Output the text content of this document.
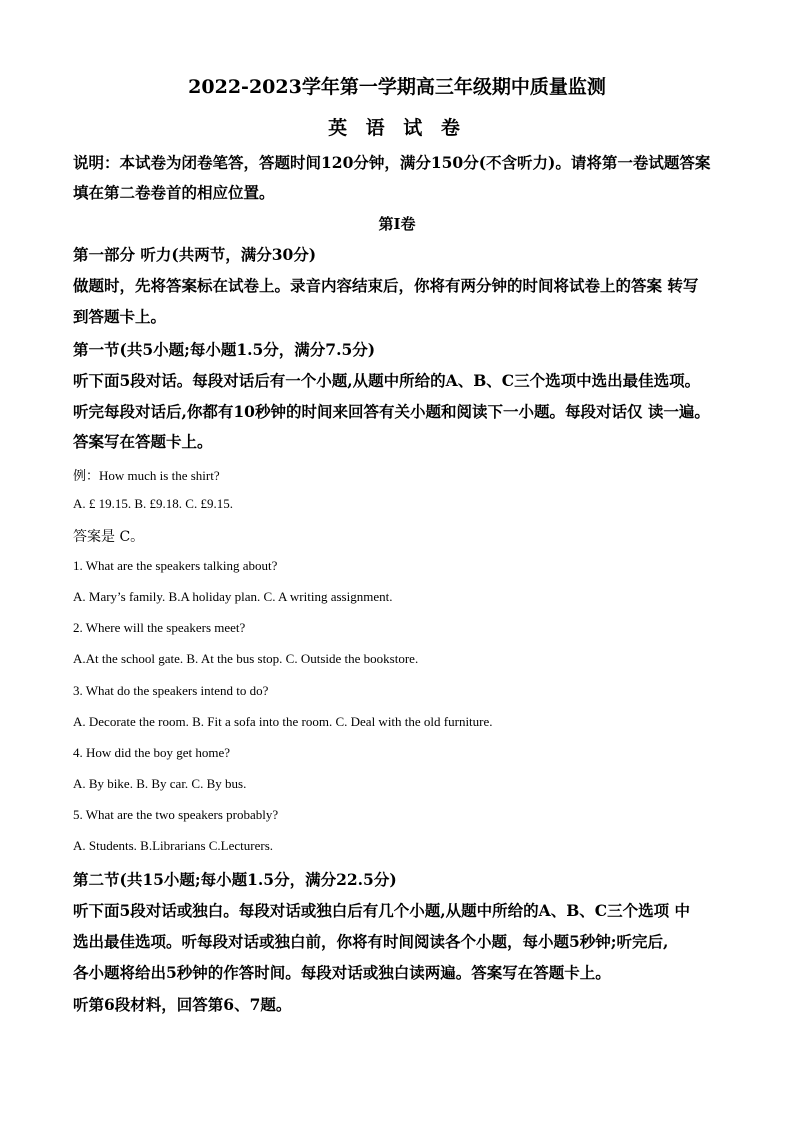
2022-2023学年第一学期高三年级期中质量监测
英 语 试 卷
说明：本试卷为闭卷笔答，答题时间120分钟，满分150分(不含听力)。请将第一卷试题答案
填在第二卷卷首的相应位置。
第I卷
第一部分 听力(共两节，满分30分)
做题时，先将答案标在试卷上。录音内容结束后，你将有两分钟的时间将试卷上的答案 转写
到答题卡上。
第一节(共5小题;每小题1.5分，满分7.5分)
听下面5段对话。每段对话后有一个小题,从题中所给的A、B、C三个选项中选出最佳选项。
听完每段对话后,你都有10秒钟的时间来回答有关小题和阅读下一小题。每段对话仅 读一遍。
答案写在答题卡上。
例：How much is the shirt?
A. £ 19.15. B. £9.18. C. £9.15.
答案是 C。
1. What are the speakers talking about?
A. Mary’s family. B.A holiday plan. C. A writing assignment.
2. Where will the speakers meet?
A.At the school gate. B. At the bus stop. C. Outside the bookstore.
3. What do the speakers intend to do?
A. Decorate the room. B. Fit a sofa into the room. C. Deal with the old furniture.
4. How did the boy get home?
A. By bike. B. By car. C. By bus.
5. What are the two speakers probably?
A. Students. B.Librarians C.Lecturers.
第二节(共15小题;每小题1.5分，满分22.5分)
听下面5段对话或独白。每段对话或独白后有几个小题,从题中所给的A、B、C三个选项 中
选出最佳选项。听每段对话或独白前，你将有时间阅读各个小题，每小题5秒钟;听完后,
各小题将给出5秒钟的作答时间。每段对话或独白读两遍。答案写在答题卡上。
听第6段材料，回答第6、7题。
